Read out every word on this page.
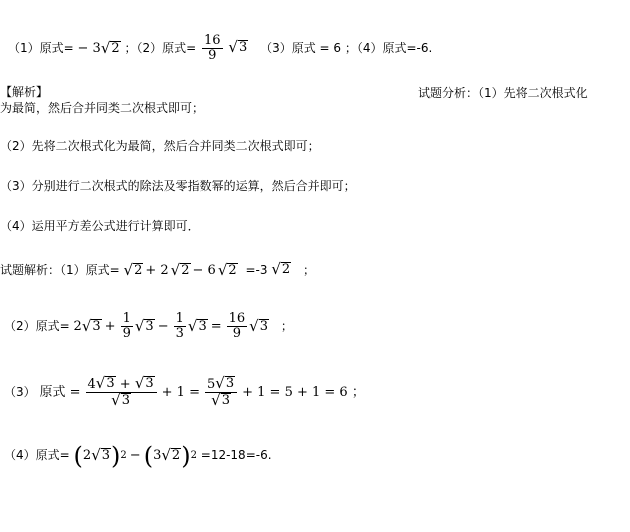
（1）原式= − 3 √ 2 ；（2）原式= $\frac{16}{9}$
√ 3 （3）原式 = 6 ；（4）原式=-6.
【解析】	试题分析：（1）先将二次根式化
为最简，然后合并同类二次根式即可；
（2）先将二次根式化为最简，然后合并同类二次根式即可；
（3）分别进行二次根式的除法及零指数幂的运算，然后合并即可；
（4）运用平方差公式进行计算即可．
试题解析：（1）原式= √ 2 + 2 √ 2 − 6 √ 2 =-3 √ 2 ；
（2）原式= 2 √ $3 + \frac{1}{9}$ √ $3 - \frac{1}{3}$ √ $3 = \frac{16}{9}$ √ 3 ；
（3） 原式 = $\frac{4 √ 3 + √ 3}{√ 3} + 1 = \frac{5 √ 3}{√ 3} + 1 = 5 + 1 = 6$ ；
（4）原式= ( 2 √ 3 ) 2 − ( 3 √ 2 ) 2 =12-18=-6.
